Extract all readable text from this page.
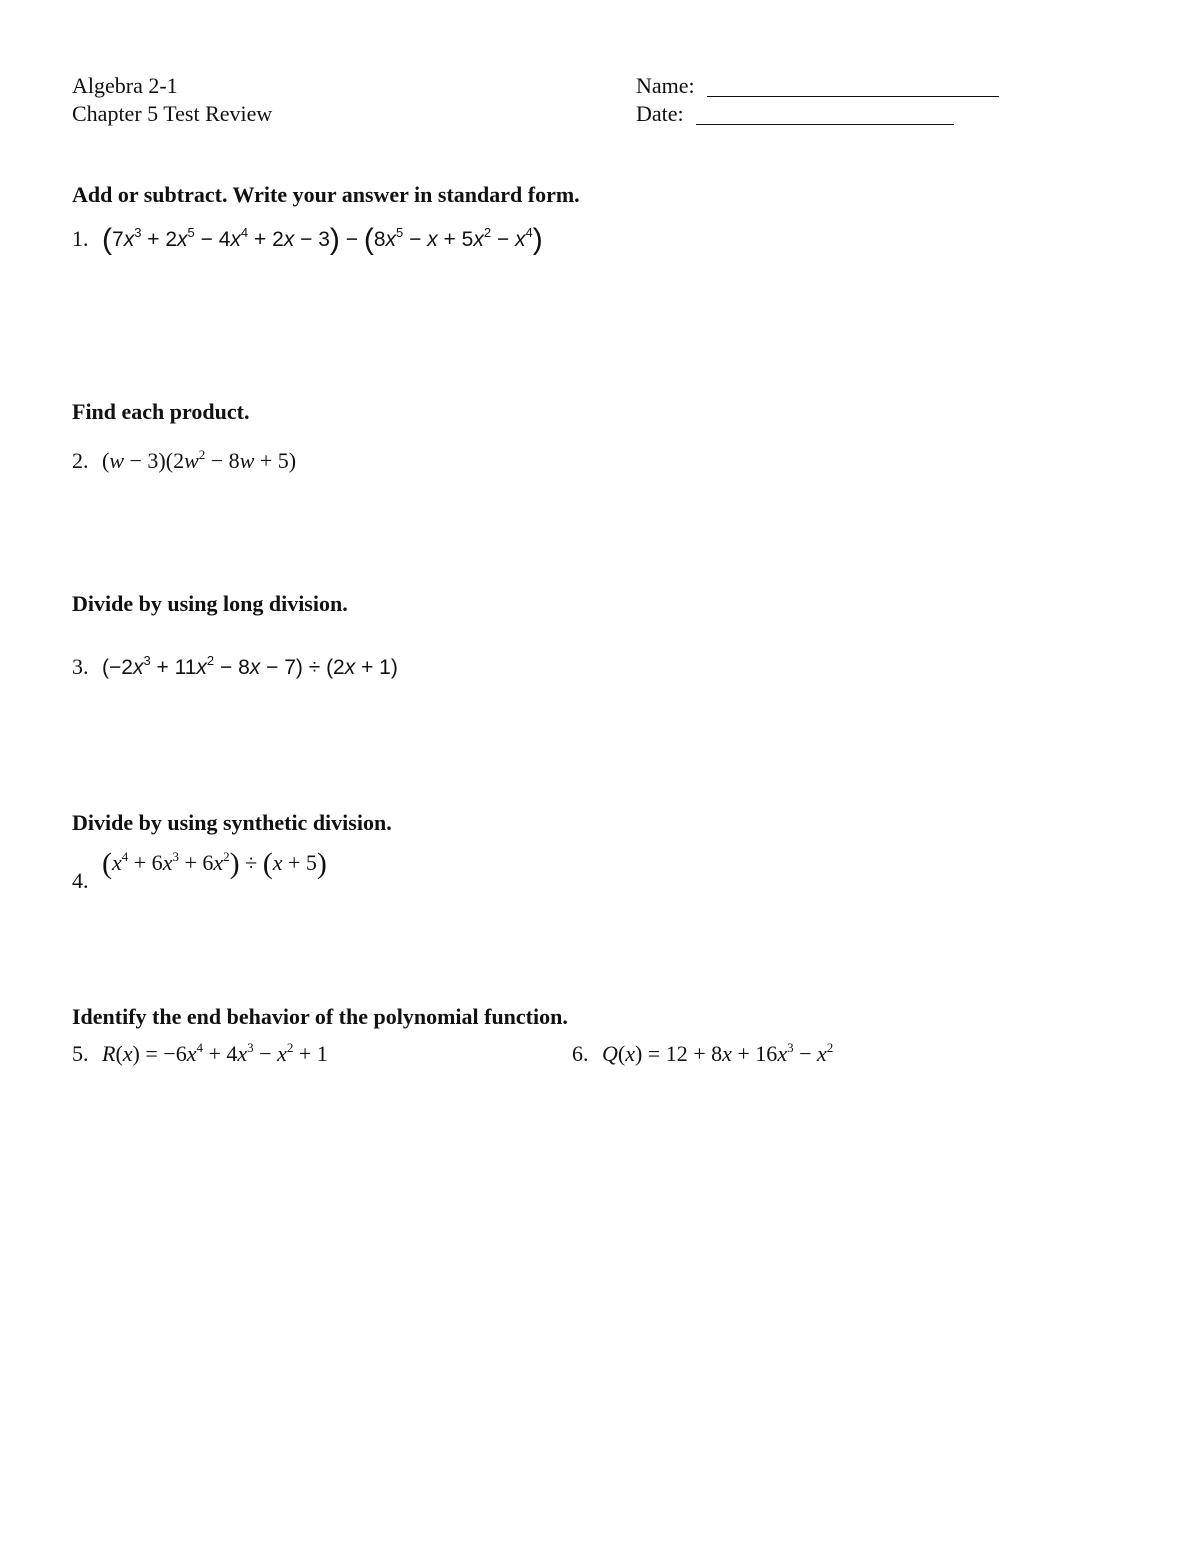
Algebra 2-1
Chapter 5 Test Review
Name:
Date:
Add or subtract. Write your answer in standard form.
1. $(7x^3 + 2x^5 - 4x^4 + 2x - 3) - (8x^5 - x + 5x^2 - x^4)$
Find each product.
2. $(w - 3)(2w^2 - 8w + 5)$
Divide by using long division.
3. $(-2x^3 + 11x^2 - 8x - 7) \div (2x + 1)$
Divide by using synthetic division.
4.
$(x^4 + 6x^3 + 6x^2) \div (x + 5)$
Identify the end behavior of the polynomial function.
5. $R(x) = -6x^4 + 4x^3 - x^2 + 1$	6. $Q(x) = 12 + 8x + 16x^3 - x^2$
